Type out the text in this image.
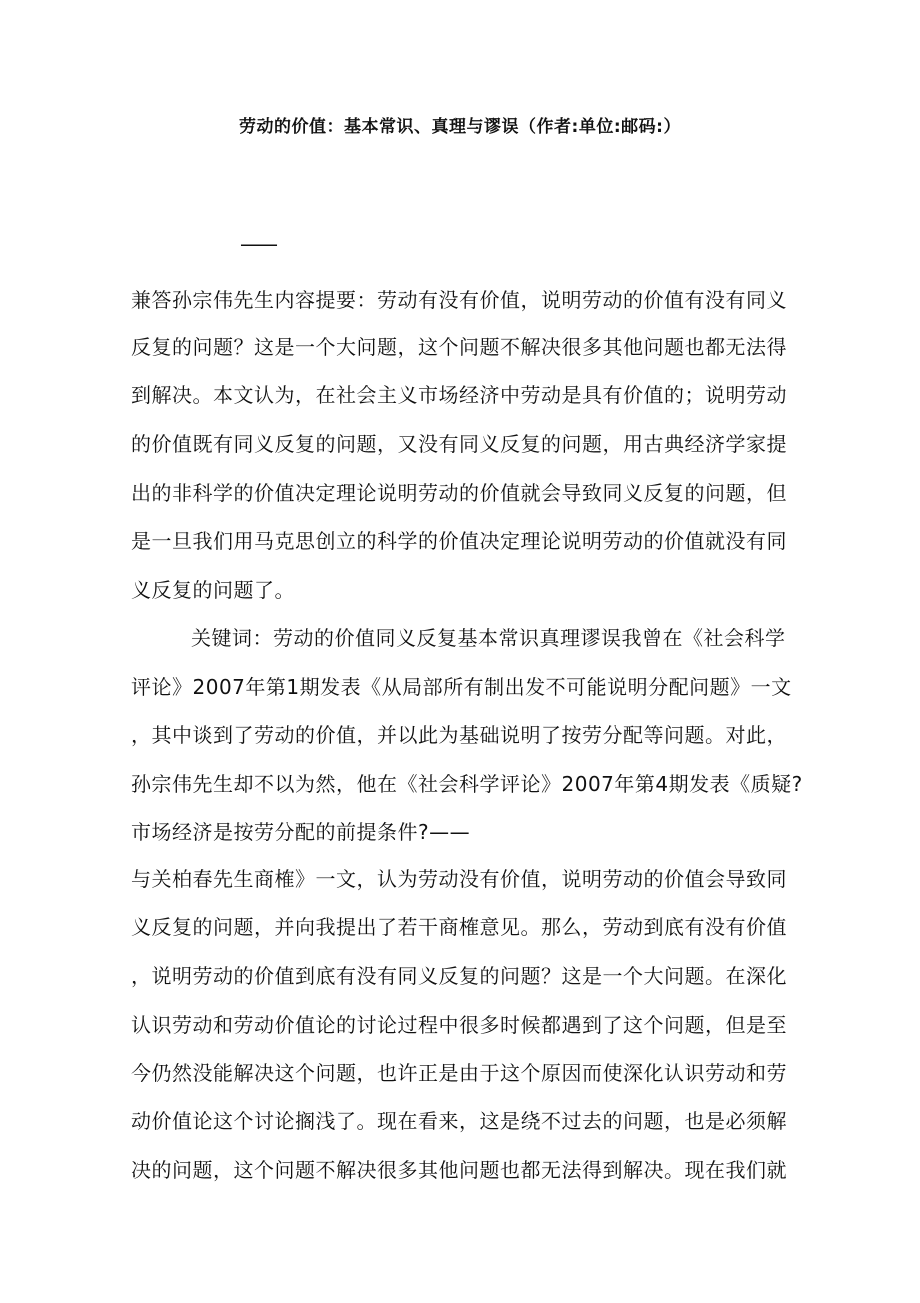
劳动的价值：基本常识、真理与谬误（作者:单位:邮码:）
——
兼答孙宗伟先生内容提要：劳动有没有价值，说明劳动的价值有没有同义
反复的问题？这是一个大问题，这个问题不解决很多其他问题也都无法得
到解决。本文认为，在社会主义市场经济中劳动是具有价值的；说明劳动
的价值既有同义反复的问题，又没有同义反复的问题，用古典经济学家提
出的非科学的价值决定理论说明劳动的价值就会导致同义反复的问题，但
是一旦我们用马克思创立的科学的价值决定理论说明劳动的价值就没有同
义反复的问题了。
关键词：劳动的价值同义反复基本常识真理谬误我曾在《社会科学
评论》2007年第1期发表《从局部所有制出发不可能说明分配问题》一文
，其中谈到了劳动的价值，并以此为基础说明了按劳分配等问题。对此，
孙宗伟先生却不以为然，他在《社会科学评论》2007年第4期发表《质疑?
市场经济是按劳分配的前提条件?——
与关柏春先生商榷》一文，认为劳动没有价值，说明劳动的价值会导致同
义反复的问题，并向我提出了若干商榷意见。那么，劳动到底有没有价值
，说明劳动的价值到底有没有同义反复的问题？这是一个大问题。在深化
认识劳动和劳动价值论的讨论过程中很多时候都遇到了这个问题，但是至
今仍然没能解决这个问题，也许正是由于这个原因而使深化认识劳动和劳
动价值论这个讨论搁浅了。现在看来，这是绕不过去的问题，也是必须解
决的问题，这个问题不解决很多其他问题也都无法得到解决。现在我们就
